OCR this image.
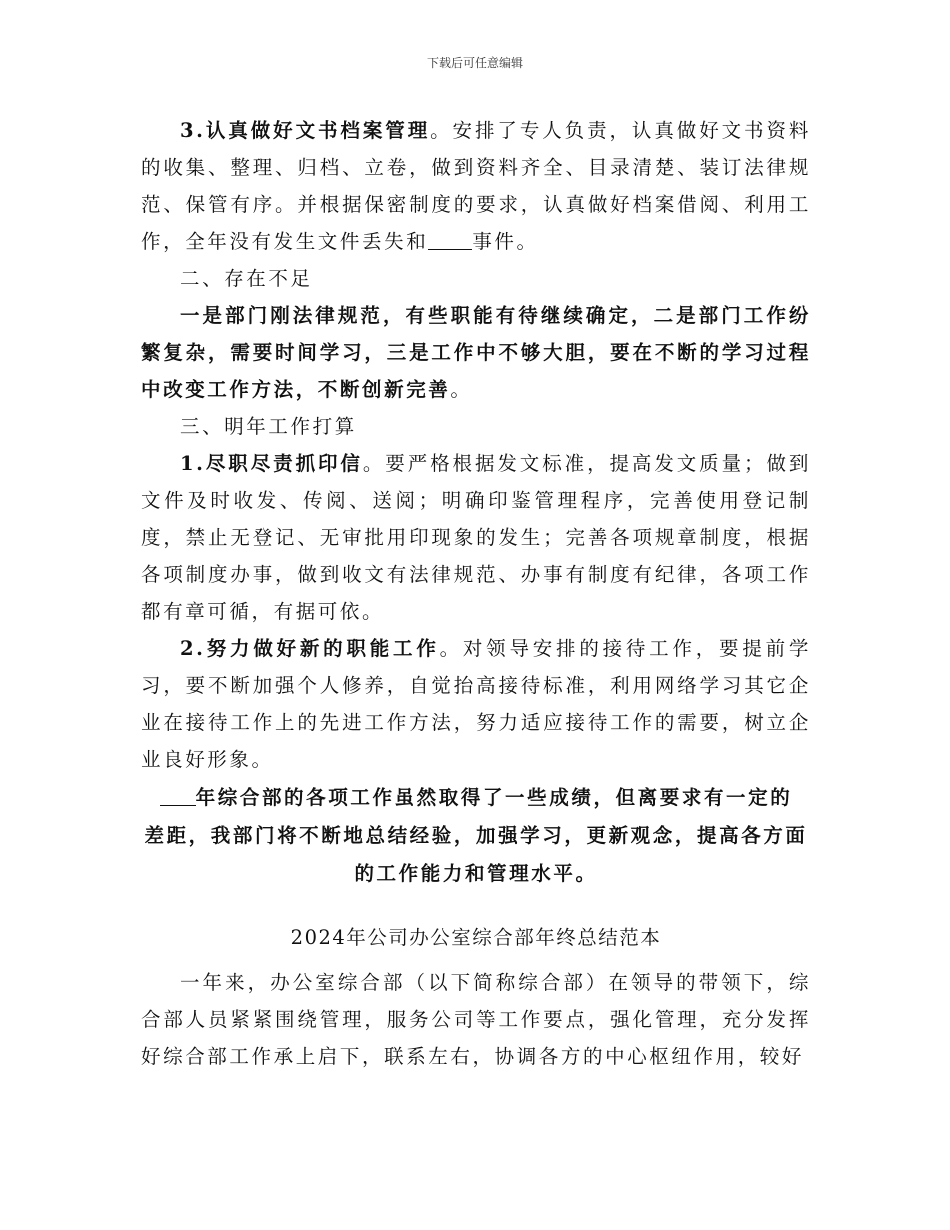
下载后可任意编辑

3.认真做好文书档案管理。安排了专人负责，认真做好文书资料的收集、整理、归档、立卷，做到资料齐全、目录清楚、装订法律规范、保管有序。并根据保密制度的要求，认真做好档案借阅、利用工作，全年没有发生文件丢失和 事件。

二、存在不足

一是部门刚法律规范，有些职能有待继续确定，二是部门工作纷繁复杂，需要时间学习，三是工作中不够大胆，要在不断的学习过程中改变工作方法，不断创新完善。

三、明年工作打算

1.尽职尽责抓印信。要严格根据发文标准，提高发文质量；做到文件及时收发、传阅、送阅；明确印鉴管理程序，完善使用登记制度，禁止无登记、无审批用印现象的发生；完善各项规章制度，根据各项制度办事，做到收文有法律规范、办事有制度有纪律，各项工作都有章可循，有据可依。

2.努力做好新的职能工作。对领导安排的接待工作，要提前学习，要不断加强个人修养，自觉抬高接待标准，利用网络学习其它企业在接待工作上的先进工作方法，努力适应接待工作的需要，树立企业良好形象。

年综合部的各项工作虽然取得了一些成绩，但离要求有一定的

差距，我部门将不断地总结经验，加强学习，更新观念，提高各方面

的工作能力和管理水平。

2024年公司办公室综合部年终总结范本

一年来，办公室综合部（以下简称综合部）在领导的带领下，综合部人员紧紧围绕管理，服务公司等工作要点，强化管理，充分发挥好综合部工作承上启下，联系左右，协调各方的中心枢纽作用，较好
